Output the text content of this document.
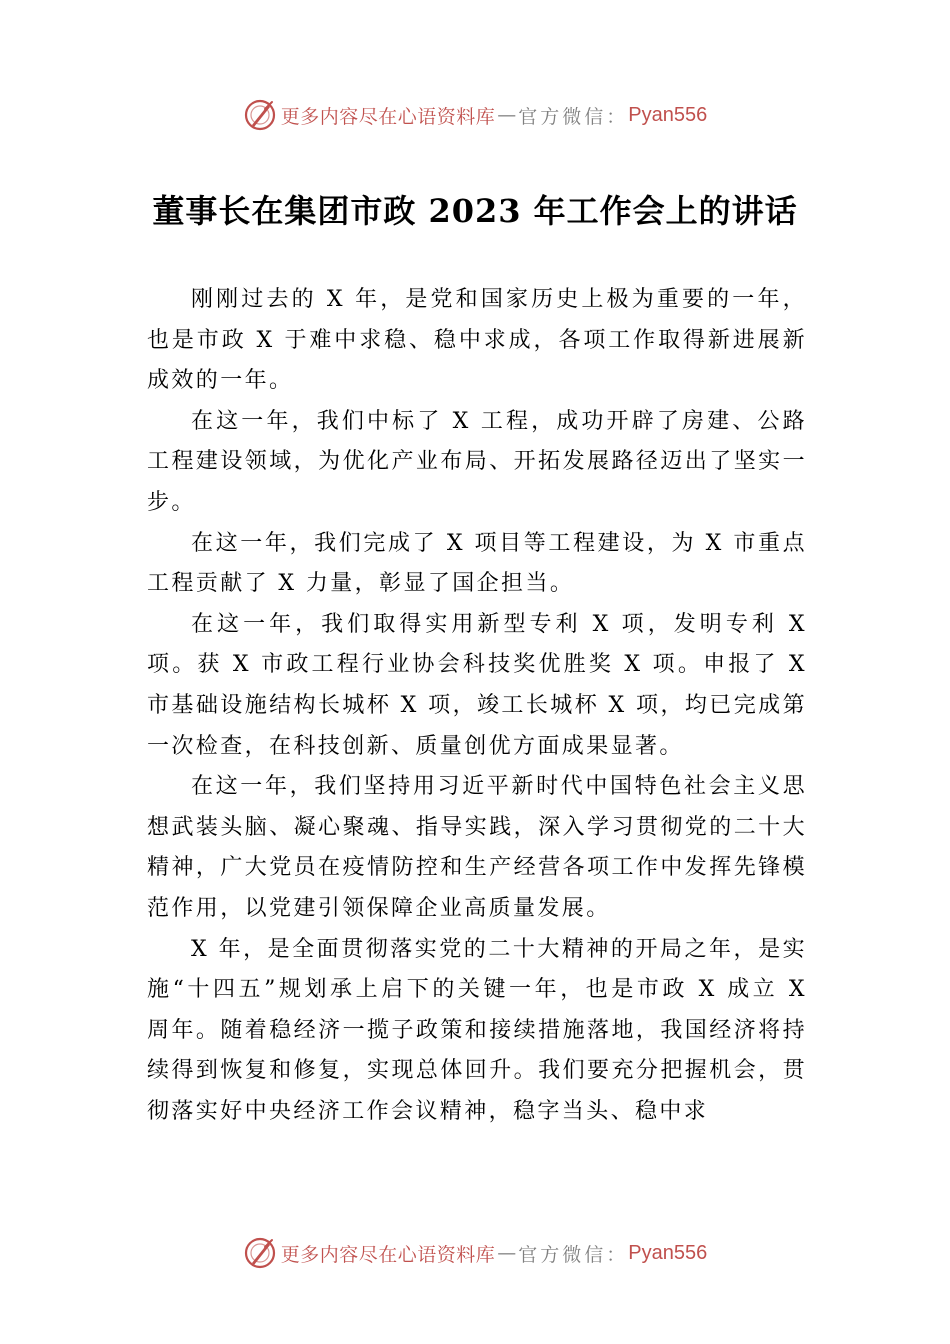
更多内容尽在心语资料库 — 官方微信： Pyan556
董事长在集团市政 2023 年工作会上的讲话

刚刚过去的 X 年，是党和国家历史上极为重要的一年，也是市政 X 于难中求稳、稳中求成，各项工作取得新进展新成效的一年。

在这一年，我们中标了 X 工程，成功开辟了房建、公路工程建设领域，为优化产业布局、开拓发展路径迈出了坚实一步。

在这一年，我们完成了 X 项目等工程建设，为 X 市重点工程贡献了 X 力量，彰显了国企担当。

在这一年，我们取得实用新型专利 X 项，发明专利 X 项。获 X 市政工程行业协会科技奖优胜奖 X 项。申报了 X 市基础设施结构长城杯 X 项，竣工长城杯 X 项，均已完成第一次检查，在科技创新、质量创优方面成果显著。

在这一年，我们坚持用习近平新时代中国特色社会主义思想武装头脑、凝心聚魂、指导实践，深入学习贯彻党的二十大精神，广大党员在疫情防控和生产经营各项工作中发挥先锋模范作用，以党建引领保障企业高质量发展。

X 年，是全面贯彻落实党的二十大精神的开局之年，是实施“十四五”规划承上启下的关键一年，也是市政 X 成立 X 周年。随着稳经济一揽子政策和接续措施落地，我国经济将持续得到恢复和修复，实现总体回升。我们要充分把握机会，贯彻落实好中央经济工作会议精神，稳字当头、稳中求

更多内容尽在心语资料库 — 官方微信： Pyan556
